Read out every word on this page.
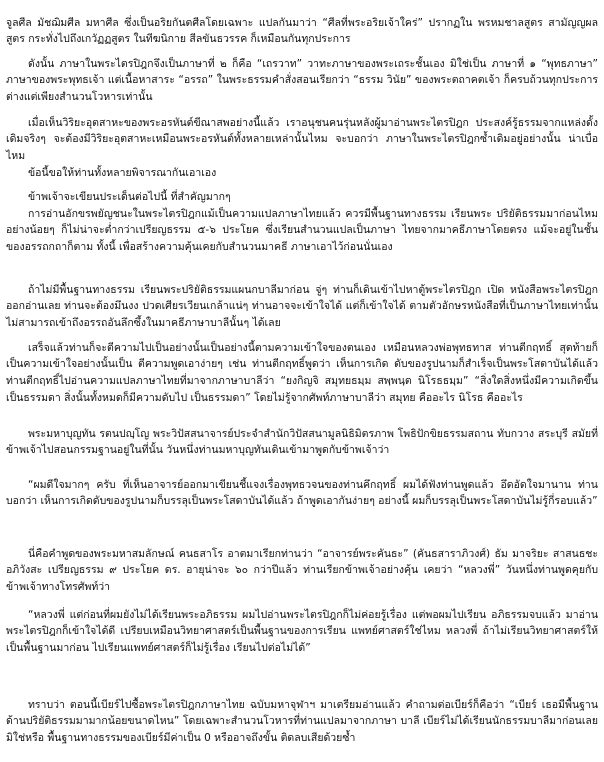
จูลศีล มัชฌิมศีล มหาศีล ซึ่งเป็นอริยกันตศีลโดยเฉพาะ แปลกันมาว่า “ศีลที่พระอริยเจ้าใคร่” ปรากฏใน พรหมชาลสูตร สามัญญผลสูตร กระทั่งไปถึงเกวัฏฏสูตร ในทีฆนิกาย สีลขันธวรรค ก็เหมือนกันทุกประการ

ดังนั้น ภาษาในพระไตรปิฎกจึงเป็นภาษาที่ ๒ ก็คือ “เถรวาท” วาทะภาษาของพระเถระชั้นเอง มิใช่เป็น ภาษาที่ ๑ “พุทธภาษา” ภาษาของพระพุทธเจ้า แต่เนื้อหาสาระ “อรรถ” ในพระธรรมคำสั่งสอนเรียกว่า “ธรรม วินัย” ของพระตถาคตเจ้า ก็ครบถ้วนทุกประการ ต่างแต่เพียงสำนวนโวหารเท่านั้น

เมื่อเห็นวิริยะอุตสาหะของพระอรหันต์ขีณาสพอย่างนี้แล้ว เราอนุชนคนรุ่นหลังผู้มาอ่านพระไตรปิฎก ประสงค์รู้ธรรมจากแหล่งดั้งเดิมจริงๆ จะต้องมีวิริยะอุตสาหะเหมือนพระอรหันต์ทั้งหลายเหล่านั้นไหม จะบอกว่า ภาษาในพระไตรปิฎกซ้ำเดิมอยู่อย่างนั้น น่าเบื่อ ไหม

ข้อนี้ขอให้ท่านทั้งหลายพิจารณากันเอาเอง

ข้าพเจ้าจะเขียนประเด็นต่อไปนี้ ที่สำคัญมากๆ

การอ่านอักขรพยัญชนะในพระไตรปิฎกแม้เป็นความแปลภาษาไทยแล้ว ควรมีพื้นฐานทางธรรม เรียนพระ ปริยัติธรรมมาก่อนไหม อย่างน้อยๆ ก็ไม่น่าจะต่ำกว่าเปรียญธรรม ๕-๖ ประโยค ซึ่งเรียนสำนวนแปลเป็นภาษา ไทยจากมาคธีภาษาโดยตรง แม้จะอยู่ในชั้นของอรรถกถาก็ตาม ทั้งนี้ เพื่อสร้างความคุ้นเคยกับสำนวนมาคธี ภาษาเอาไว้ก่อนนั่นเอง

ถ้าไม่มีพื้นฐานทางธรรม เรียนพระปริยัติธรรมแผนกบาลีมาก่อน จู่ๆ ท่านก็เดินเข้าไปหาตู้พระไตรปิฎก เปิด หนังสือพระไตรปิฎกออกอ่านเลย ท่านจะต้องมึนงง ปวดเศียรเวียนเกล้าแน่ๆ ท่านอาจจะเข้าใจได้ แต่ก็เข้าใจได้ ตามตัวอักษรหนังสือที่เป็นภาษาไทยเท่านั้น ไม่สามารถเข้าถึงอรรถอันลึกซึ้งในมาคธีภาษาบาลีนั้นๆ ได้เลย

เสร็จแล้วท่านก็จะตีความไปเป็นอย่างนั้นเป็นอย่างนี้ตามความเข้าใจของตนเอง เหมือนหลวงพ่อพุทธทาส ท่านตีกฤทธิ์ สุดท้ายก็เป็นความเข้าใจอย่างนั้นเป็น ตีความพูดเอาง่ายๆ เช่น ท่านตีกฤทธิ์พูดว่า เห็นการเกิด ดับของรูปนามก็สำเร็จเป็นพระโสดาบันได้แล้ว ท่านตีกฤทธิ์ไปอ่านความแปลภาษาไทยที่มาจากภาษาบาลีว่า “ยงกิญจิ สมุทยธมฺม สพฺพนฺต นิโรธธมฺม” “สิ่งใดสิ่งหนึ่งมีความเกิดขึ้นเป็นธรรมดา สิ่งนั้นทั้งหมดก็มีความดับไป เป็นธรรมดา” โดยไม่รู้จากศัพท์ภาษาบาลีว่า สมุทย คืออะไร นิโรธ คืออะไร

พระมหาบุญทัน รตนปญฺโญ พระวิปัสสนาจารย์ประจำสำนักวิปัสสนามูลนิธิมิตรภาพ โพธิปักขิยธรรมสถาน ทับกวาง สระบุรี สมัยที่ข้าพเจ้าไปสอนกรรมฐานอยู่ในที่นั้น วันหนึ่งท่านมหาบุญทันเดินเข้ามาพูดกับข้าพเจ้าว่า

“ผมดีใจมากๆ ครับ ที่เห็นอาจารย์ออกมาเขียนชี้แจงเรื่องพุทธวจนของท่านคึกฤทธิ์ ผมได้ฟังท่านพูดแล้ว อึดอัดใจมานาน ท่านบอกว่า เห็นการเกิดดับของรูปนามก็บรรลุเป็นพระโสดาบันได้แล้ว ถ้าพูดเอากันง่ายๆ อย่างนี้ ผมก็บรรลุเป็นพระโสดาบันไม่รู้กี่รอบแล้ว”

นี่คือคำพูดของพระมหาสมลักษณ์ คนธสาโร อาตมาเรียกท่านว่า “อาจารย์พระคันธะ” (คันธสาราภิวงศ์) ธัม มาจริยะ สาสนธชะ อภิวังสะ เปรียญธรรม ๙ ประโยค ดร. อายุน่าจะ ๖๐ กว่าปีแล้ว ท่านเรียกข้าพเจ้าอย่างคุ้น เคยว่า “หลวงพี่” วันหนึ่งท่านพูดคุยกับข้าพเจ้าทางโทรศัพท์ว่า

“หลวงพี่ แต่ก่อนที่ผมยังไม่ได้เรียนพระอภิธรรม ผมไปอ่านพระไตรปิฎกก็ไม่ค่อยรู้เรื่อง แต่พอผมไปเรียน อภิธรรมจบแล้ว มาอ่านพระไตรปิฎกก็เข้าใจได้ดี เปรียบเหมือนวิทยาศาสตร์เป็นพื้นฐานของการเรียน แพทย์ศาสตร์ใช่ไหม หลวงพี่ ถ้าไม่เรียนวิทยาศาสตร์ให้เป็นพื้นฐานมาก่อน ไปเรียนแพทย์ศาสตร์ก็ไม่รู้เรื่อง เรียนไปต่อไม่ได้”

ทราบว่า ตอนนี้เบียร์ไปซื้อพระไตรปิฎกภาษาไทย ฉบับมหาจุฬาฯ มาเตรียมอ่านแล้ว คำถามต่อเบียร์ก็คือว่า “เบียร์ เธอมีพื้นฐานด้านปริยัติธรรมมามากน้อยขนาดไหน” โดยเฉพาะสำนวนโวหารที่ท่านแปลมาจากภาษา บาลี เบียร์ไม่ได้เรียนนักธรรมบาลีมาก่อนเลยมิใช่หรือ พื้นฐานทางธรรมของเบียร์มีค่าเป็น 0 หรืออาจถึงขั้น ติดลบเสียด้วยซ้ำ
